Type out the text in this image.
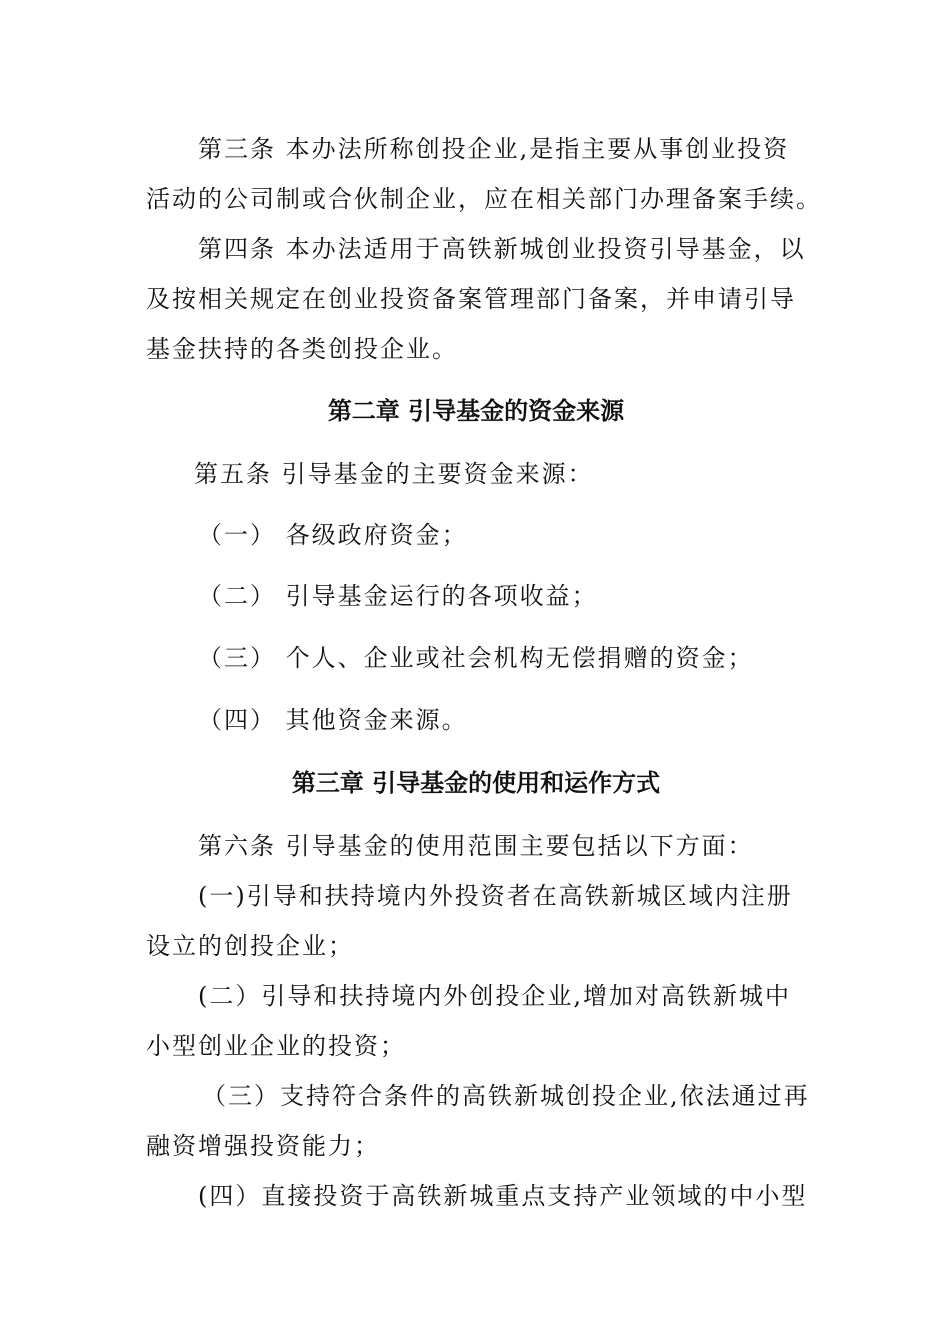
第三条 本办法所称创投企业,是指主要从事创业投资
活动的公司制或合伙制企业，应在相关部门办理备案手续。
第四条 本办法适用于高铁新城创业投资引导基金，以
及按相关规定在创业投资备案管理部门备案，并申请引导
基金扶持的各类创投企业。
第二章 引导基金的资金来源
第五条 引导基金的主要资金来源：
（一） 各级政府资金；
（二） 引导基金运行的各项收益；
（三） 个人、企业或社会机构无偿捐赠的资金；
（四） 其他资金来源。
第三章 引导基金的使用和运作方式
第六条 引导基金的使用范围主要包括以下方面：
(一)引导和扶持境内外投资者在高铁新城区域内注册
设立的创投企业；
(二）引导和扶持境内外创投企业,增加对高铁新城中
小型创业企业的投资；
（三）支持符合条件的高铁新城创投企业,依法通过再
融资增强投资能力；
(四）直接投资于高铁新城重点支持产业领域的中小型
